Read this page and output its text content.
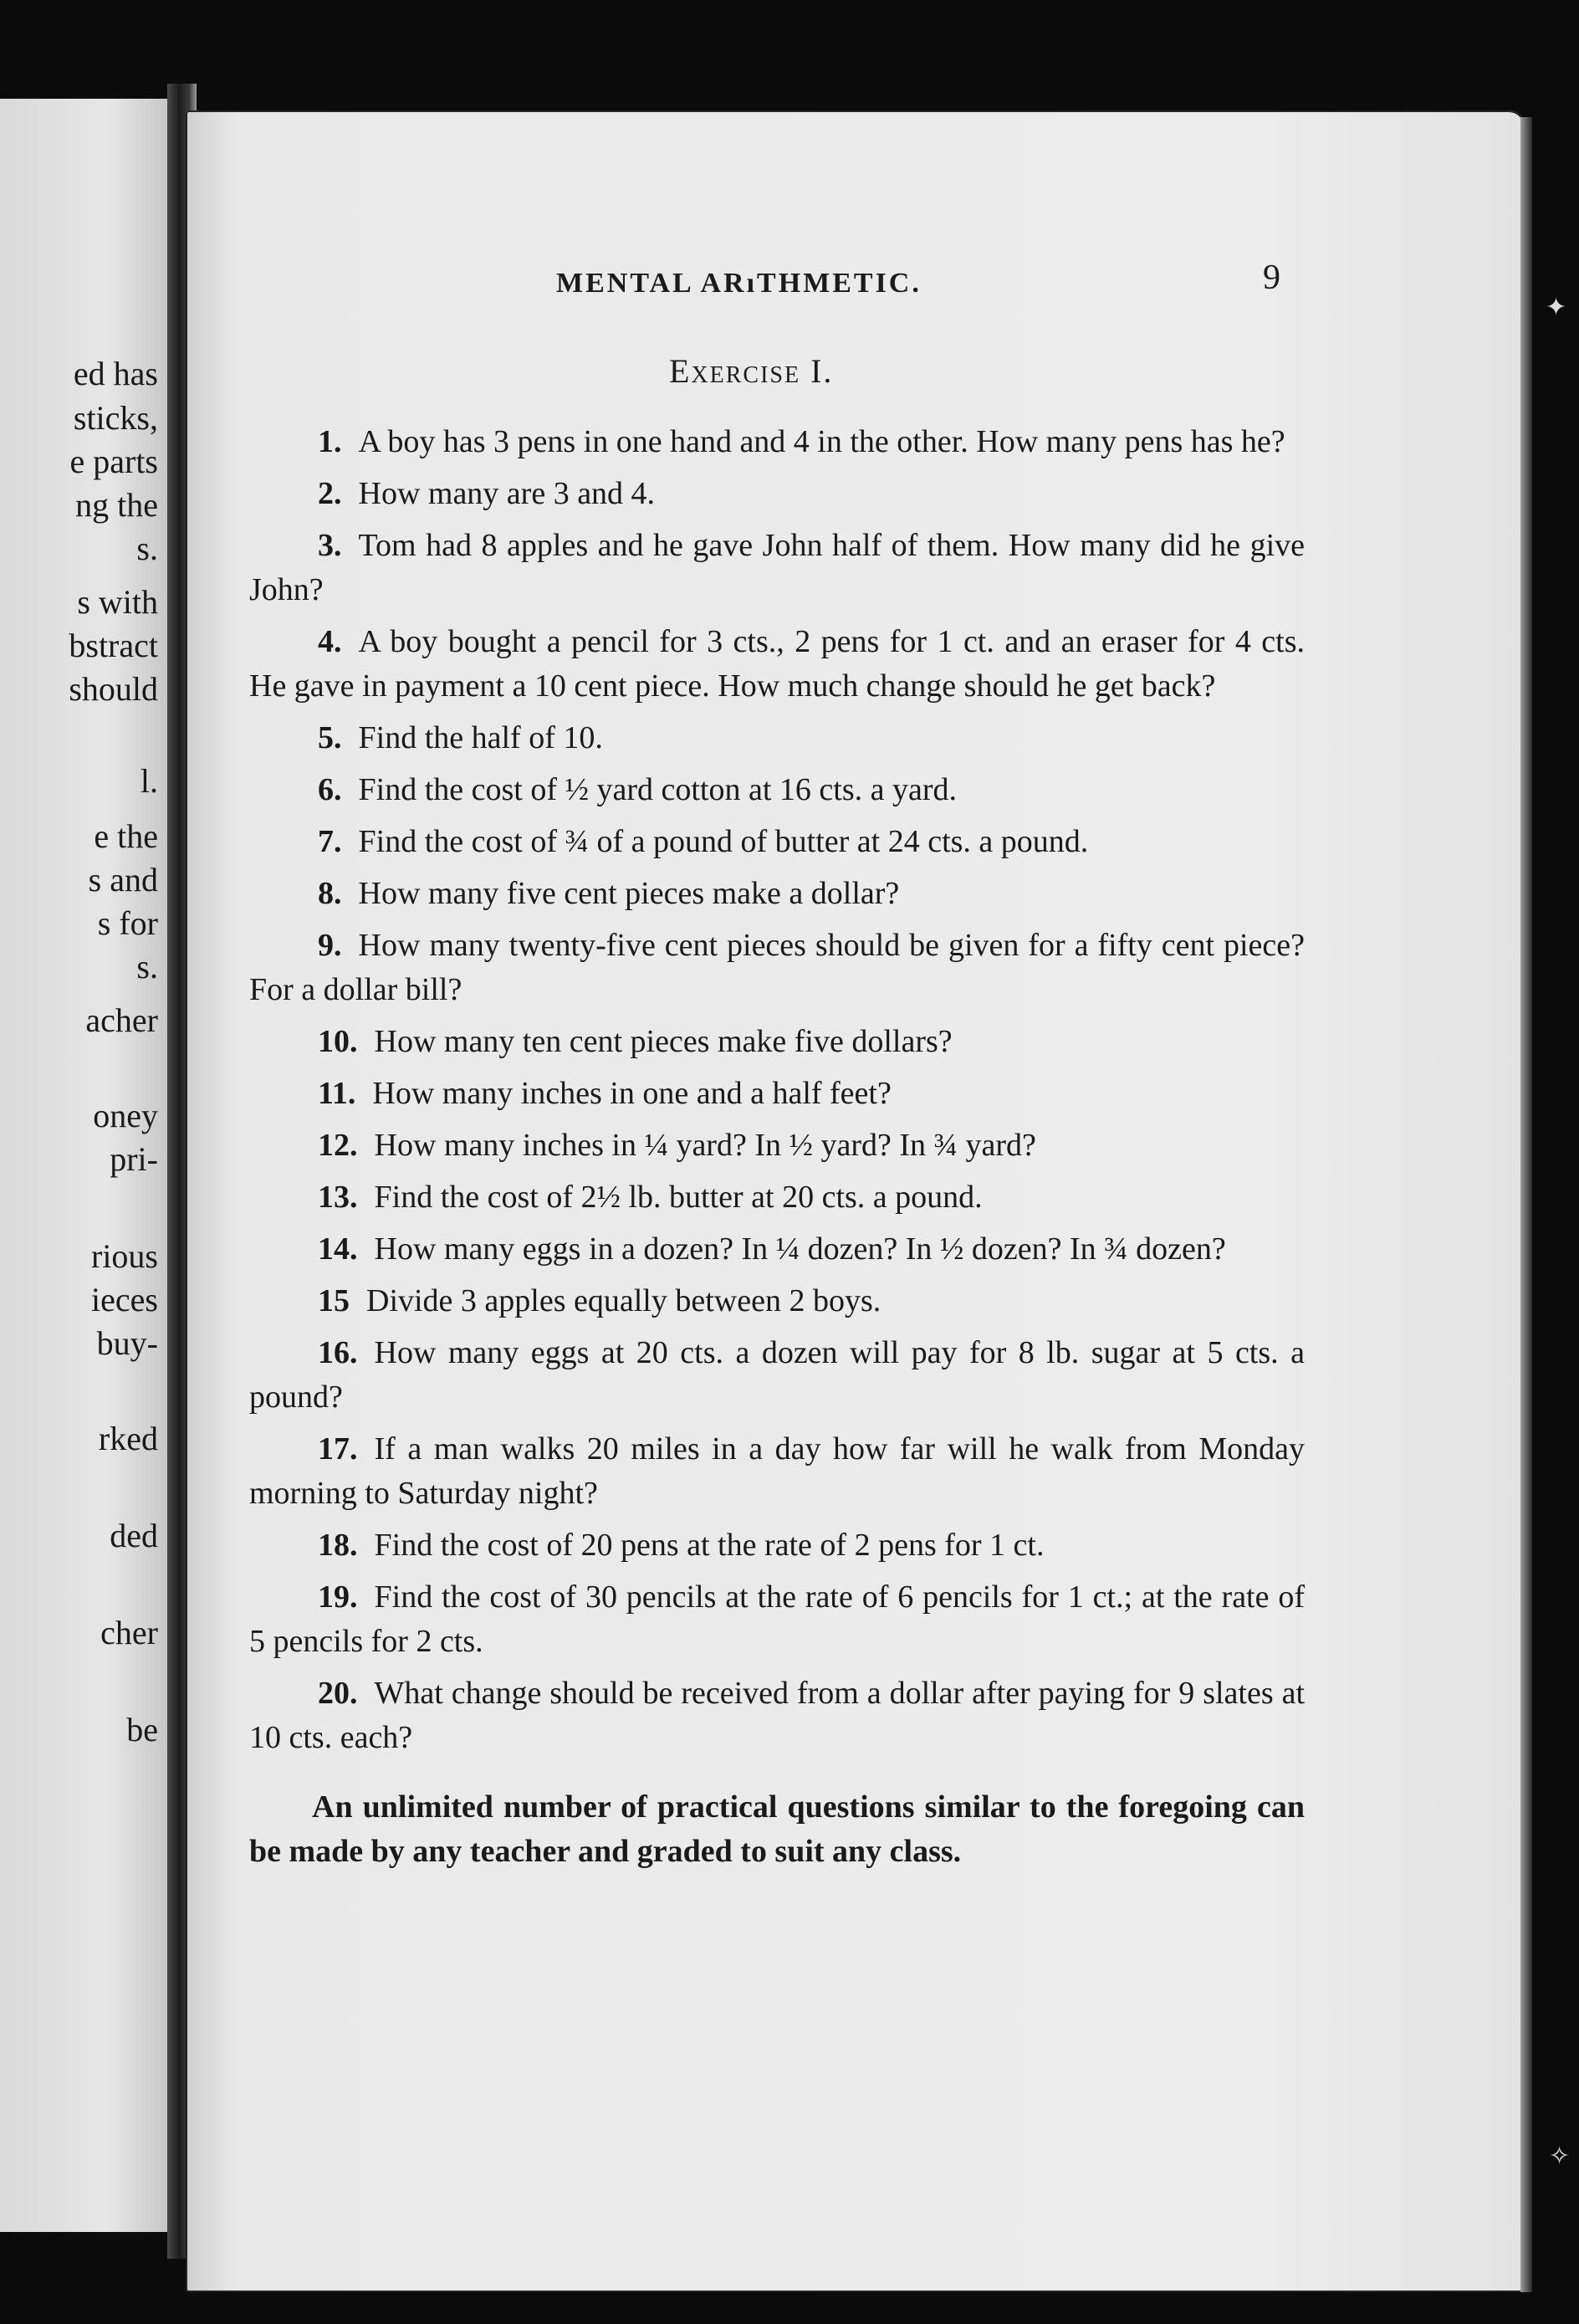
ed has
sticks,
e parts
ng the
s.
s with
bstract
should
l.
e the
s and
s for
s.
acher
oney
pri-
rious
ieces
buy-
rked
ded
cher
be
MENTAL ARıTHMETIC.	9
Exercise I.

1. A boy has 3 pens in one hand and 4 in the other. How many pens has he?

2. How many are 3 and 4.

3. Tom had 8 apples and he gave John half of them. How many did he give John?

4. A boy bought a pencil for 3 cts., 2 pens for 1 ct. and an eraser for 4 cts. He gave in payment a 10 cent piece. How much change should he get back?

5. Find the half of 10.

6. Find the cost of ½ yard cotton at 16 cts. a yard.

7. Find the cost of ¾ of a pound of butter at 24 cts. a pound.

8. How many five cent pieces make a dollar?

9. How many twenty-five cent pieces should be given for a fifty cent piece? For a dollar bill?

10. How many ten cent pieces make five dollars?

11. How many inches in one and a half feet?

12. How many inches in ¼ yard? In ½ yard? In ¾ yard?

13. Find the cost of 2½ lb. butter at 20 cts. a pound.

14. How many eggs in a dozen? In ¼ dozen? In ½ dozen? In ¾ dozen?

15 Divide 3 apples equally between 2 boys.

16. How many eggs at 20 cts. a dozen will pay for 8 lb. sugar at 5 cts. a pound?

17. If a man walks 20 miles in a day how far will he walk from Monday morning to Saturday night?

18. Find the cost of 20 pens at the rate of 2 pens for 1 ct.

19. Find the cost of 30 pencils at the rate of 6 pencils for 1 ct.; at the rate of 5 pencils for 2 cts.

20. What change should be received from a dollar after paying for 9 slates at 10 cts. each?

An unlimited number of practical questions similar to the foregoing can be made by any teacher and graded to suit any class.

✦
✧
